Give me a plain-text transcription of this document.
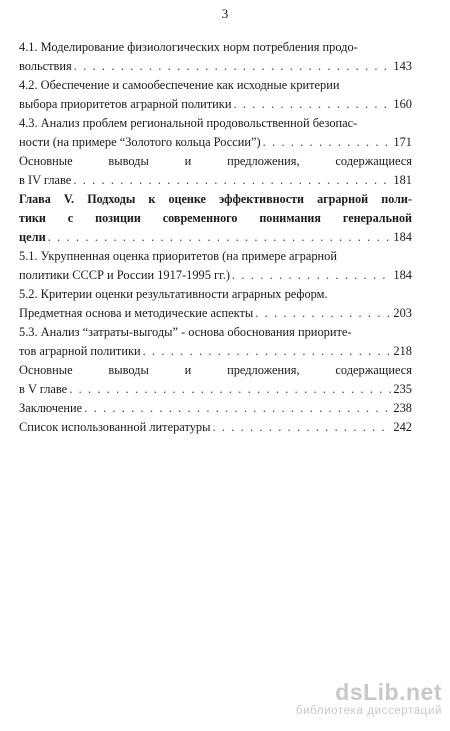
3
4.1. Моделирование физиологических норм потребления продо-
вольствия . . .	143
4.2. Обеспечение и самообеспечение как исходные критерии
выбора приоритетов аграрной политики . . .	160
4.3. Анализ проблем региональной продовольственной безопас-
ности (на примере “Золотого кольца России”) . . .	171
Основные	выводы	и	предложения,	содержащиеся
в IV главе . . .	181
Глава V. Подходы к оценке эффективности аграрной поли-
тики с позиции современного понимания генеральной
цели . . .	184
5.1. Укрупненная оценка приоритетов (на примере аграрной
политики СССР и России 1917-1995 гг.) . . .	184
5.2. Критерии оценки результативности аграрных реформ.
Предметная основа и методические аспекты . . .	203
5.3. Анализ “затраты-выгоды” - основа обоснования приорите-
тов аграрной политики . . .	218
Основные	выводы	и	предложения,	содержащиеся
в V главе . . .	235
Заключение . . .	238
Список использованной литературы . . .	242
dsLib.net
библиотека диссертаций
